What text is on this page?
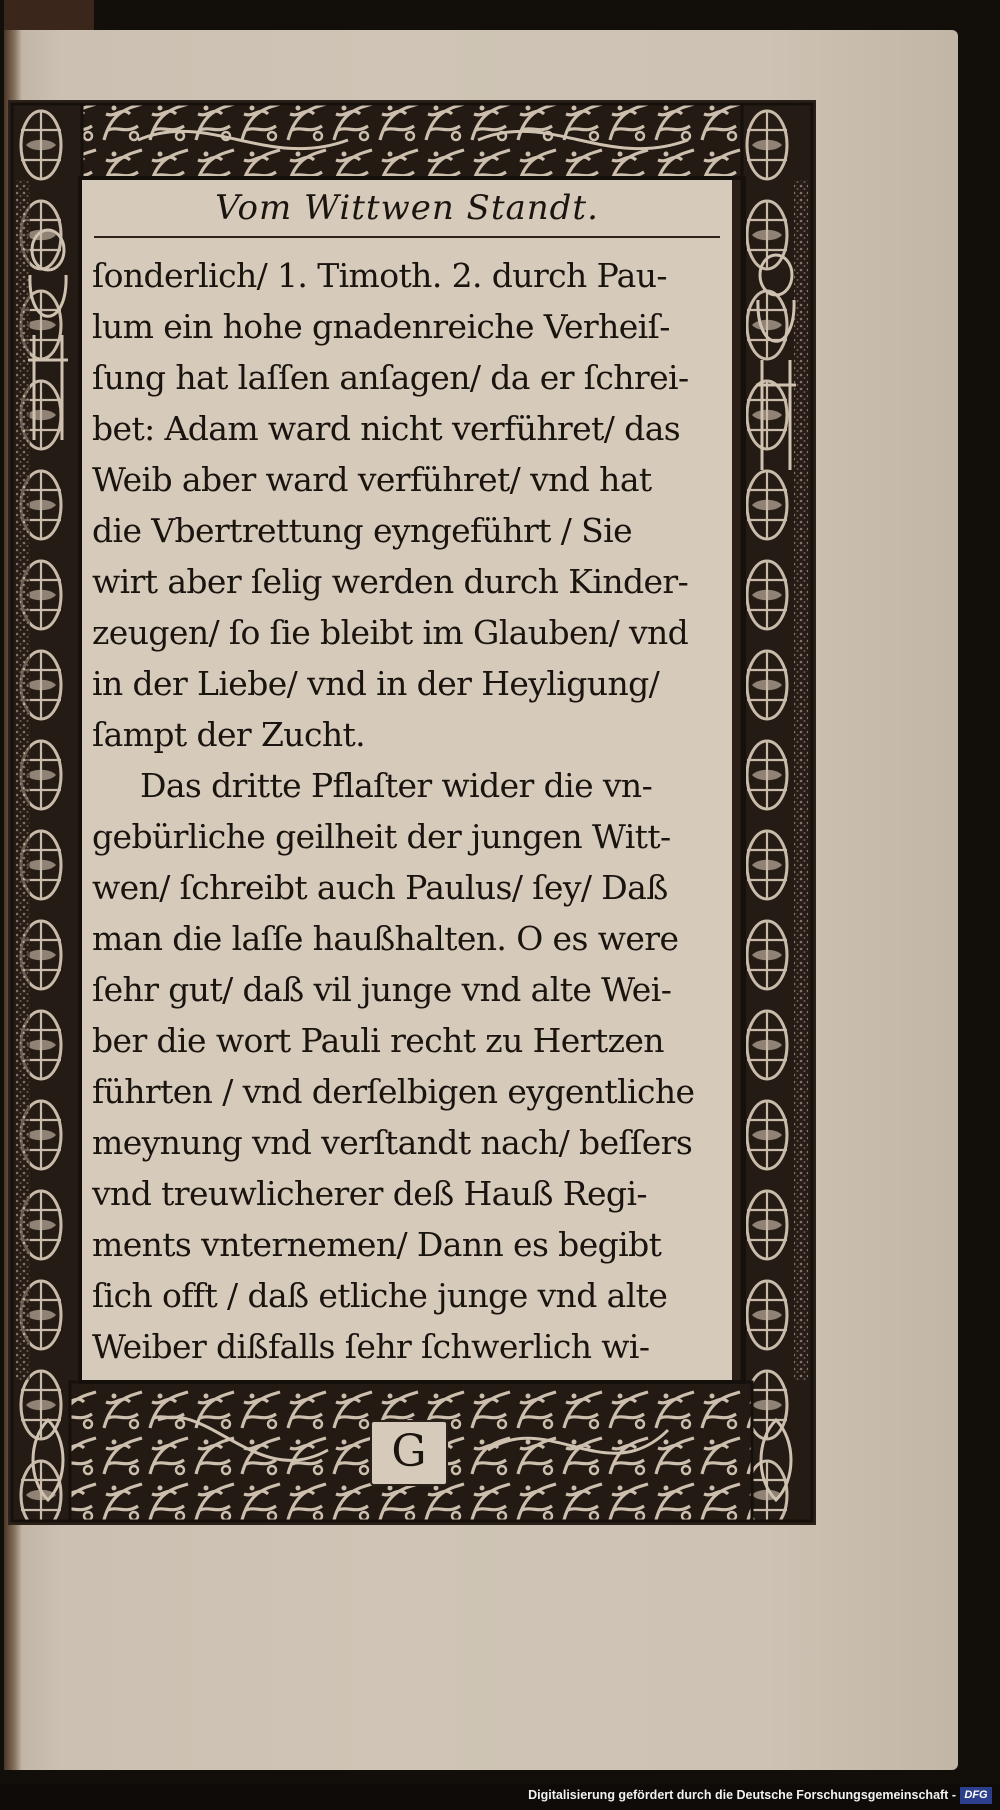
Vom Wittwen Standt.
ſonderlich/ 1. Timoth. 2. durch Pau-
lum ein hohe gnadenreiche Verheiſ-
ſung hat laſſen anſagen/ da er ſchrei-
bet: Adam ward nicht verführet/ das
Weib aber ward verführet/ vnd hat
die Vbertrettung eyngeführt / Sie
wirt aber ſelig werden durch Kinder-
zeugen/ ſo ſie bleibt im Glauben/ vnd
in der Liebe/ vnd in der Heyligung/
ſampt der Zucht.
Das dritte Pflaſter wider die vn-
gebürliche geilheit der jungen Witt-
wen/ ſchreibt auch Paulus/ ſey/ Daß
man die laſſe haußhalten. O es were
ſehr gut/ daß vil junge vnd alte Wei-
ber die wort Pauli recht zu Hertzen
führten / vnd derſelbigen eygentliche
meynung vnd verſtandt nach/ beſſers
vnd treuwlicherer deß Hauß Regi-
ments vnternemen/ Dann es begibt
ſich offt / daß etliche junge vnd alte
Weiber dißfalls ſehr ſchwerlich wi-
G
Digitalisierung gefördert durch die Deutsche Forschungsgemeinschaft - DFG
